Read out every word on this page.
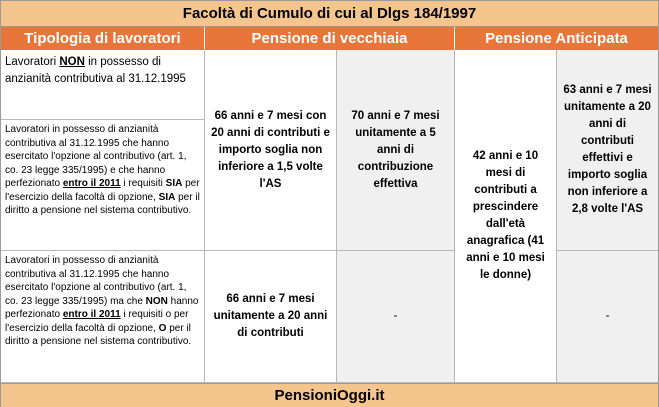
Facoltà di Cumulo di cui al Dlgs 184/1997
Tipologia di lavoratori	Pensione di vecchiaia	Pensione Anticipata
Lavoratori NON in possesso di anzianità contributiva al 31.12.1995
Lavoratori in possesso di anzianità contributiva al 31.12.1995 che hanno esercitato l'opzione al contributivo (art. 1, co. 23 legge 335/1995) e che hanno perfezionato entro il 2011 i requisiti SIA per l'esercizio della facoltà di opzione, SIA per il diritto a pensione nel sistema contributivo.
Lavoratori in possesso di anzianità contributiva al 31.12.1995 che hanno esercitato l'opzione al contributivo (art. 1, co. 23 legge 335/1995) ma che NON hanno perfezionato entro il 2011 i requisiti o per l'esercizio della facoltà di opzione, O per il diritto a pensione nel sistema contributivo.
66 anni e 7 mesi con 20 anni di contributi e importo soglia non inferiore a 1,5 volte l'AS
70 anni e 7 mesi unitamente a 5 anni di contribuzione effettiva
66 anni e 7 mesi unitamente a 20 anni di contributi
-
42 anni e 10 mesi di contributi a prescindere dall'età anagrafica (41 anni e 10 mesi le donne)
63 anni e 7 mesi unitamente a 20 anni di contributi effettivi e importo soglia non inferiore a 2,8 volte l'AS
-
PensioniOggi.it
